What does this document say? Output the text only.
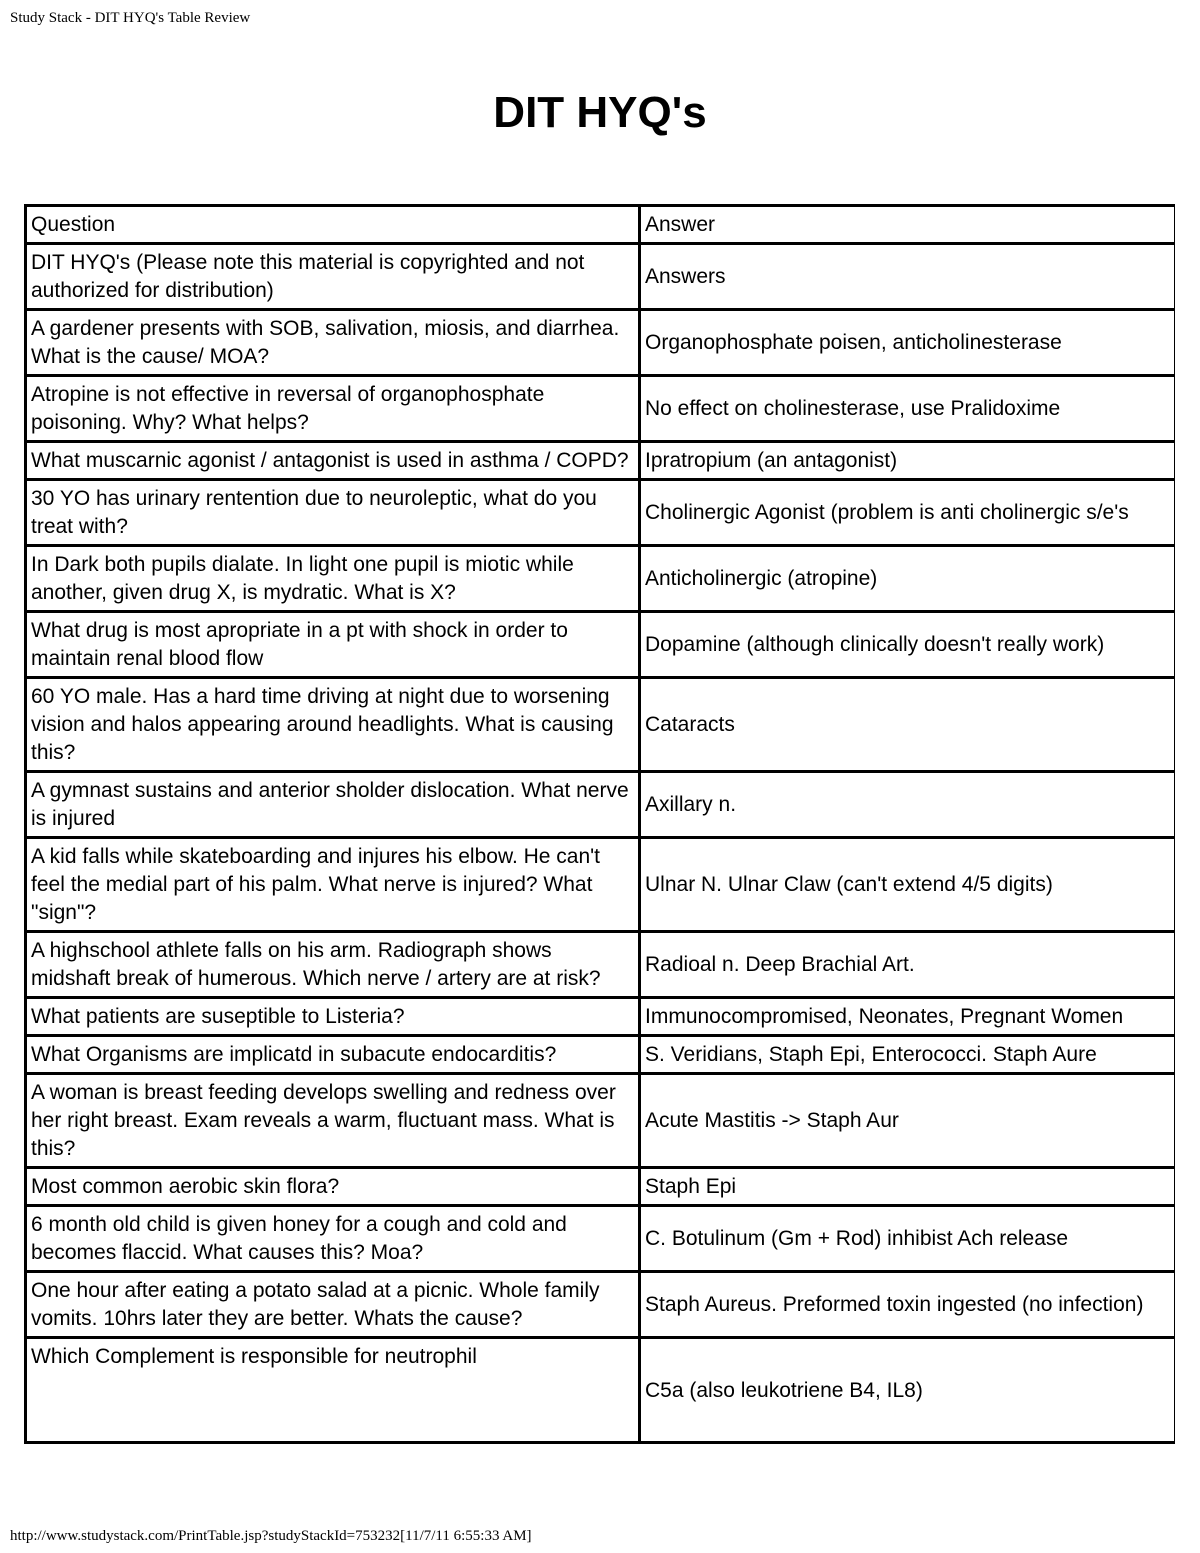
Study Stack - DIT HYQ's Table Review
DIT HYQ's
Question	Answer
DIT HYQ's (Please note this material is copyrighted and not authorized for distribution)	Answers
A gardener presents with SOB, salivation, miosis, and diarrhea. What is the cause/ MOA?	Organophosphate poisen, anticholinesterase
Atropine is not effective in reversal of organophosphate poisoning. Why? What helps?	No effect on cholinesterase, use Pralidoxime
What muscarnic agonist / antagonist is used in asthma / COPD?	Ipratropium (an antagonist)
30 YO has urinary rentention due to neuroleptic, what do you treat with?	Cholinergic Agonist (problem is anti cholinergic s/e's
In Dark both pupils dialate. In light one pupil is miotic while another, given drug X, is mydratic. What is X?	Anticholinergic (atropine)
What drug is most apropriate in a pt with shock in order to maintain renal blood flow	Dopamine (although clinically doesn't really work)
60 YO male. Has a hard time driving at night due to worsening vision and halos appearing around headlights. What is causing this?	Cataracts
A gymnast sustains and anterior sholder dislocation. What nerve is injured	Axillary n.
A kid falls while skateboarding and injures his elbow. He can't feel the medial part of his palm. What nerve is injured? What "sign"?	Ulnar N. Ulnar Claw (can't extend 4/5 digits)
A highschool athlete falls on his arm. Radiograph shows midshaft break of humerous. Which nerve / artery are at risk?	Radioal n. Deep Brachial Art.
What patients are suseptible to Listeria?	Immunocompromised, Neonates, Pregnant Women
What Organisms are implicatd in subacute endocarditis?	S. Veridians, Staph Epi, Enterococci. Staph Aure
A woman is breast feeding develops swelling and redness over her right breast. Exam reveals a warm, fluctuant mass. What is this?	Acute Mastitis -> Staph Aur
Most common aerobic skin flora?	Staph Epi
6 month old child is given honey for a cough and cold and becomes flaccid. What causes this? Moa?	C. Botulinum (Gm + Rod) inhibist Ach release
One hour after eating a potato salad at a picnic. Whole family vomits. 10hrs later they are better. Whats the cause?	Staph Aureus. Preformed toxin ingested (no infection)
Which Complement is responsible for neutrophil	C5a (also leukotriene B4, IL8)
http://www.studystack.com/PrintTable.jsp?studyStackId=753232[11/7/11 6:55:33 AM]
